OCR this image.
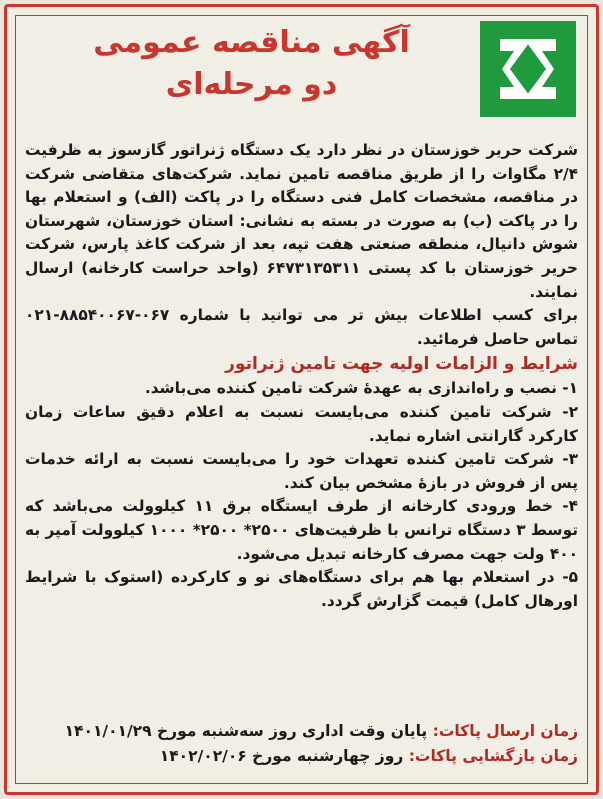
آگهی مناقصه عمومی

دو مرحله‌ای

شرکت حریر خوزستان در نظر دارد یک دستگاه ژنراتور گازسوز به ظرفیت ۲/۴ مگاوات را از طریق مناقصه تامین نماید. شرکت‌های متقاضی شرکت در مناقصه، مشخصات کامل فنی دستگاه را در پاکت (الف) و استعلام بها را در پاکت (ب) به صورت در بسته به نشانی: استان خوزستان، شهرستان شوش دانیال، منطقه صنعتی هفت تپه، بعد از شرکت کاغذ پارس، شرکت حریر خوزستان با کد پستی ۶۴۷۳۱۳۵۳۱۱ (واحد حراست کارخانه) ارسال نمایند.

برای کسب اطلاعات بیش تر می توانید با شماره ۰۶۷-۸۸۵۴۰۰۶۷-۰۲۱ تماس حاصل فرمائید.

شرایط و الزامات اولیه جهت تامین ژنراتور

۱- نصب و راه‌اندازی به عهدهٔ شرکت تامین کننده می‌باشد.

۲- شرکت تامین کننده می‌بایست نسبت به اعلام دقیق ساعات زمان کارکرد گارانتی اشاره نماید.

۳- شرکت تامین کننده تعهدات خود را می‌بایست نسبت به ارائه خدمات پس از فروش در بازهٔ مشخص بیان کند.

۴- خط ورودی کارخانه از طرف ایستگاه برق ۱۱ کیلوولت می‌باشد که توسط ۳ دستگاه ترانس با ظرفیت‌های ۲۵۰۰* ۲۵۰۰* ۱۰۰۰ کیلوولت آمپر به ۴۰۰ ولت جهت مصرف کارخانه تبدیل می‌شود.

۵- در استعلام بها هم برای دستگاه‌های نو و کارکرده (استوک با شرایط اورهال کامل) قیمت گزارش گردد.

زمان ارسال پاکات: پایان وقت اداری روز سه‌شنبه مورخ ۱۴۰۱/۰۱/۲۹
زمان بازگشایی پاکات: روز چهارشنبه مورخ ۱۴۰۲/۰۲/۰۶
